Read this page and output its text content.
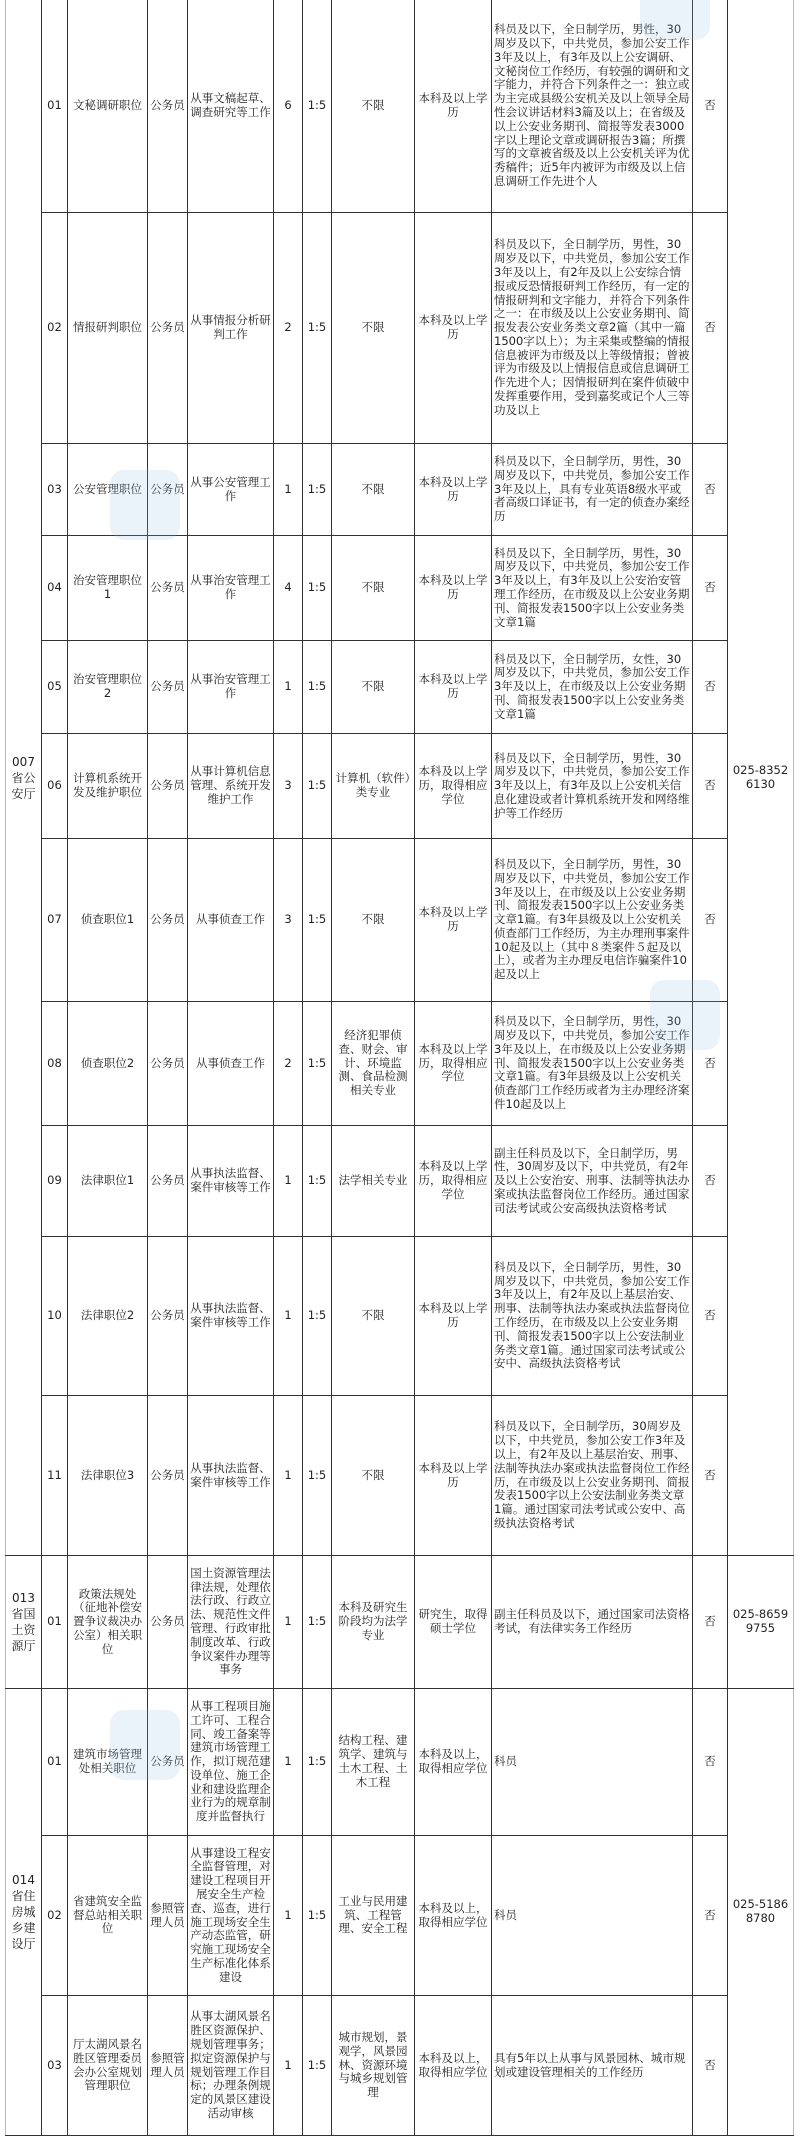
007
省公安厅	01	文秘调研职位	公务员	从事文稿起草、调查研究等工作	6	1:5	不限	本科及以上学历	科员及以下，全日制学历，男性，30周岁及以下，中共党员，参加公安工作3年及以上，有3年及以上公安调研、文秘岗位工作经历，有较强的调研和文字能力，并符合下列条件之一：独立或为主完成县级公安机关及以上领导全局性会议讲话材料3篇及以上；在省级及以上公安业务期刊、简报等发表3000字以上理论文章或调研报告3篇；所撰写的文章被省级及以上公安机关评为优秀稿件；近5年内被评为市级及以上信息调研工作先进个人	否	025-83526130
	02	情报研判职位	公务员	从事情报分析研判工作	2	1:5	不限	本科及以上学历	科员及以下，全日制学历，男性，30周岁及以下，中共党员，参加公安工作3年及以上，有2年及以上公安综合情报或反恐情报研判工作经历，有一定的情报研判和文字能力，并符合下列条件之一：在市级及以上公安业务期刊、简报发表公安业务类文章2篇（其中一篇1500字以上）；为主采集或整编的情报信息被评为市级及以上等级情报；曾被评为市级及以上情报信息或信息调研工作先进个人；因情报研判在案件侦破中发挥重要作用，受到嘉奖或记个人三等功及以上	否	
	03	公安管理职位	公务员	从事公安管理工作	1	1:5	不限	本科及以上学历	科员及以下，全日制学历，男性，30周岁及以下，中共党员，参加公安工作3年及以上，具有专业英语8级水平或者高级口译证书，有一定的侦查办案经历	否	
	04	治安管理职位1	公务员	从事治安管理工作	4	1:5	不限	本科及以上学历	科员及以下，全日制学历，男性，30周岁及以下，中共党员，参加公安工作3年及以上，有3年及以上公安治安管理工作经历，在市级及以上公安业务期刊、简报发表1500字以上公安业务类文章1篇	否	
	05	治安管理职位2	公务员	从事治安管理工作	1	1:5	不限	本科及以上学历	科员及以下，全日制学历，女性，30周岁及以下，中共党员，参加公安工作3年及以上，在市级及以上公安业务期刊、简报发表1500字以上公安业务类文章1篇	否	
	06	计算机系统开发及维护职位	公务员	从事计算机信息管理、系统开发维护工作	3	1:5	计算机（软件）类专业	本科及以上学历，取得相应学位	科员及以下，全日制学历，男性，30周岁及以下，中共党员，参加公安工作3年及以上，有3年及以上公安机关信息化建设或者计算机系统开发和网络维护等工作经历	否	
	07	侦查职位1	公务员	从事侦查工作	3	1:5	不限	本科及以上学历	科员及以下，全日制学历，男性，30周岁及以下，中共党员，参加公安工作3年及以上，在市级及以上公安业务期刊、简报发表1500字以上公安业务类文章1篇。有3年县级及以上公安机关侦查部门工作经历，为主办理刑事案件10起及以上（其中８类案件５起及以上），或者为主办理反电信诈骗案件10起及以上	否	
	08	侦查职位2	公务员	从事侦查工作	2	1:5	经济犯罪侦查、财会、审计、环境监测、食品检测相关专业	本科及以上学历，取得相应学位	科员及以下，全日制学历，男性，30周岁及以下，中共党员，参加公安工作3年及以上，在市级及以上公安业务期刊、简报发表1500字以上公安业务类文章1篇。有3年县级及以上公安机关侦查部门工作经历或者为主办理经济案件10起及以上	否	
	09	法律职位1	公务员	从事执法监督、案件审核等工作	1	1:5	法学相关专业	本科及以上学历，取得相应学位	副主任科员及以下，全日制学历，男性，30周岁及以下，中共党员，有2年及以上公安治安、刑事、法制等执法办案或执法监督岗位工作经历。通过国家司法考试或公安高级执法资格考试	否	
	10	法律职位2	公务员	从事执法监督、案件审核等工作	1	1:5	不限	本科及以上学历	科员及以下，全日制学历，男性，30周岁及以下，中共党员，参加公安工作3年及以上，有2年及以上基层治安、刑事、法制等执法办案或执法监督岗位工作经历，在市级及以上公安业务期刊、简报发表1500字以上公安法制业务类文章1篇。通过国家司法考试或公安中、高级执法资格考试	否	
	11	法律职位3	公务员	从事执法监督、案件审核等工作	1	1:5	不限	本科及以上学历	科员及以下，全日制学历，30周岁及以下，中共党员，参加公安工作3年及以上，有2年及以上基层治安、刑事、法制等执法办案或执法监督岗位工作经历，在市级及以上公安业务期刊、简报发表1500字以上公安法制业务类文章1篇。通过国家司法考试或公安中、高级执法资格考试	否	

013
省国土资源厅	01	政策法规处（征地补偿安置争议裁决办公室）相关职位	公务员	国土资源管理法律法规，处理依法行政、行政立法、规范性文件管理、行政审批制度改革、行政争议案件办理等事务	1	1:5	本科及研究生阶段均为法学专业	研究生，取得硕士学位	副主任科员及以下，通过国家司法资格考试，有法律实务工作经历	否	025-86599755

014
省住房城乡建设厅	01	建筑市场管理处相关职位	公务员	从事工程项目施工许可、工程合同、竣工备案等建筑市场管理工作，拟订规范建设单位、施工企业和建设监理企业行为的规章制度并监督执行	1	1:5	结构工程、建筑学、建筑与土木工程、土木工程	本科及以上，取得相应学位	科员	否	025-51868780
	02	省建筑安全监督总站相关职位	参照管理人员	从事建设工程安全监督管理，对建设工程项目开展安全生产检查、巡查，进行施工现场安全生产动态监管，研究施工现场安全生产标准化体系建设	1	1:5	工业与民用建筑、工程管理、安全工程	本科及以上，取得相应学位	科员	否	
	03	厅太湖风景名胜区管理委员会办公室规划管理职位	参照管理人员	从事太湖风景名胜区资源保护、规划管理事务；拟定资源保护与规划管理工作目标；办理条例规定的风景区建设活动审核	1	1:5	城市规划，景观学，风景园林、资源环境与城乡规划管理	本科及以上，取得相应学位	具有5年以上从事与风景园林、城市规划或建设管理相关的工作经历	否	
